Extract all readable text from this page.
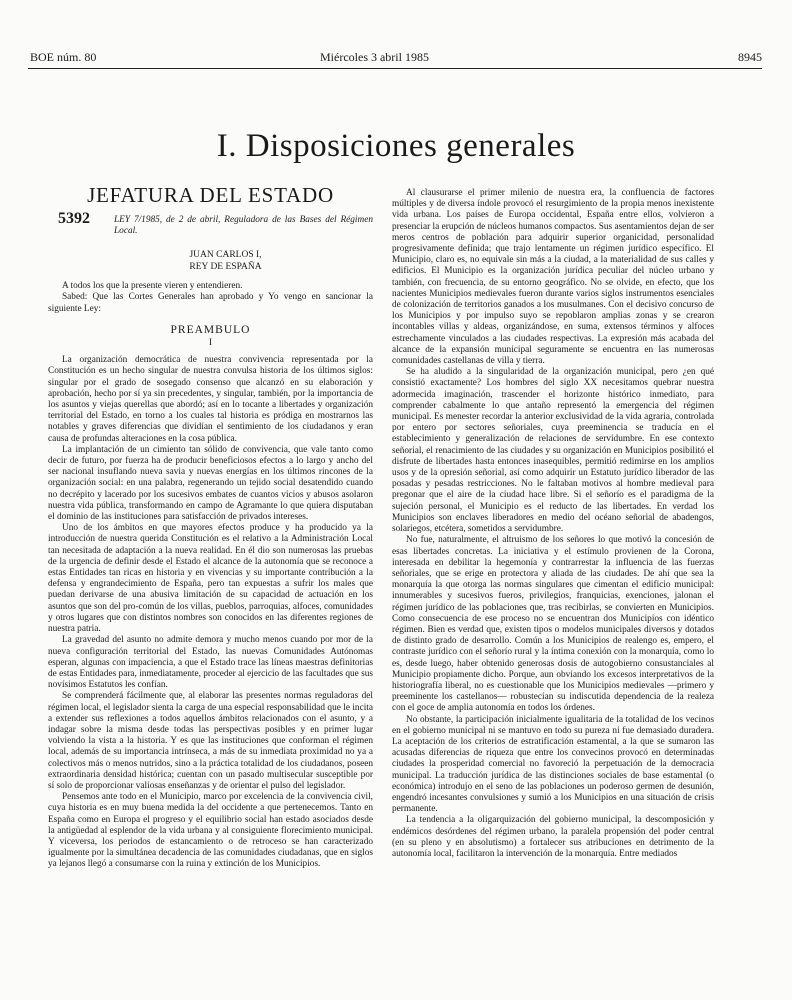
BOE núm. 80	Miércoles 3 abril 1985	8945
I. Disposiciones generales
JEFATURA DEL ESTADO
5392	LEY 7/1985, de 2 de abril, Reguladora de las Bases del Régimen Local.
JUAN CARLOS I,
REY DE ESPAÑA

A todos los que la presente vieren y entendieren.

Sabed: Que las Cortes Generales han aprobado y Yo vengo en sancionar la siguiente Ley:

PREAMBULO
I

La organización democrática de nuestra convivencia representada por la Constitución es un hecho singular de nuestra convulsa historia de los últimos siglos: singular por el grado de sosegado consenso que alcanzó en su elaboración y aprobación, hecho por sí ya sin precedentes, y singular, también, por la importancia de los asuntos y viejas querellas que abordó; así en lo tocante a libertades y organización territorial del Estado, en torno a los cuales tal historia es pródiga en mostrarnos las notables y graves diferencias que dividían el sentimiento de los ciudadanos y eran causa de profundas alteraciones en la cosa pública.

La implantación de un cimiento tan sólido de convivencia, que vale tanto como decir de futuro, por fuerza ha de producir beneficiosos efectos a lo largo y ancho del ser nacional insuflando nueva savia y nuevas energías en los últimos rincones de la organización social: en una palabra, regenerando un tejido social desatendido cuando no decrépito y lacerado por los sucesivos embates de cuantos vicios y abusos asolaron nuestra vida pública, transformando en campo de Agramante lo que quiera disputaban el dominio de las instituciones para satisfacción de privados intereses.

Uno de los ámbitos en que mayores efectos produce y ha producido ya la introducción de nuestra querida Constitución es el relativo a la Administración Local tan necesitada de adaptación a la nueva realidad. En él dio son numerosas las pruebas de la urgencia de definir desde el Estado el alcance de la autonomía que se reconoce a estas Entidades tan ricas en historia y en vivencias y su importante contribución a la defensa y engrandecimiento de España, pero tan expuestas a sufrir los males que puedan derivarse de una abusiva limitación de su capacidad de actuación en los asuntos que son del pro-común de los villas, pueblos, parroquias, alfoces, comunidades y otros lugares que con distintos nombres son conocidos en las diferentes regiones de nuestra patria.

La gravedad del asunto no admite demora y mucho menos cuando por mor de la nueva configuración territorial del Estado, las nuevas Comunidades Autónomas esperan, algunas con impaciencia, a que el Estado trace las líneas maestras definitorias de estas Entidades para, inmediatamente, proceder al ejercicio de las facultades que sus novísimos Estatutos les confían.

Se comprenderá fácilmente que, al elaborar las presentes normas reguladoras del régimen local, el legislador sienta la carga de una especial responsabilidad que le incita a extender sus reflexiones a todos aquellos ámbitos relacionados con el asunto, y a indagar sobre la misma desde todas las perspectivas posibles y en primer lugar volviendo la vista a la historia. Y es que las instituciones que conforman el régimen local, además de su importancia intrínseca, a más de su inmediata proximidad no ya a colectivos más o menos nutridos, sino a la práctica totalidad de los ciudadanos, poseen extraordinaria densidad histórica; cuentan con un pasado multisecular susceptible por sí solo de proporcionar valiosas enseñanzas y de orientar el pulso del legislador.

Pensemos ante todo en el Municipio, marco por excelencia de la convivencia civil, cuya historia es en muy buena medida la del occidente a que pertenecemos. Tanto en España como en Europa el progreso y el equilibrio social han estado asociados desde la antigüedad al esplendor de la vida urbana y al consiguiente florecimiento municipal. Y viceversa, los periodos de estancamiento o de retroceso se han caracterizado igualmente por la simultánea decadencia de las comunidades ciudadanas, que en siglos ya lejanos llegó a consumarse con la ruina y extinción de los Municipios.

Al clausurarse el primer milenio de nuestra era, la confluencia de factores múltiples y de diversa índole provocó el resurgimiento de la propia menos inexistente vida urbana. Los países de Europa occidental, España entre ellos, volvieron a presenciar la erupción de núcleos humanos compactos. Sus asentamientos dejan de ser meros centros de población para adquirir superior organicidad, personalidad progresivamente definida; que trajo lentamente un régimen jurídico específico. El Municipio, claro es, no equivale sin más a la ciudad, a la materialidad de sus calles y edificios. El Municipio es la organización jurídica peculiar del núcleo urbano y también, con frecuencia, de su entorno geográfico. No se olvide, en efecto, que los nacientes Municipios medievales fueron durante varios siglos instrumentos esenciales de colonización de territorios ganados a los musulmanes. Con el decisivo concurso de los Municipios y por impulso suyo se repoblaron amplias zonas y se crearon incontables villas y aldeas, organizándose, en suma, extensos términos y alfoces estrechamente vinculados a las ciudades respectivas. La expresión más acabada del alcance de la expansión municipal seguramente se encuentra en las numerosas comunidades castellanas de villa y tierra.

Se ha aludido a la singularidad de la organización municipal, pero ¿en qué consistió exactamente? Los hombres del siglo XX necesitamos quebrar nuestra adormecida imaginación, trascender el horizonte histórico inmediato, para comprender cabalmente lo que antaño representó la emergencia del régimen municipal. Es menester recordar la anterior exclusividad de la vida agraria, controlada por entero por sectores señoriales, cuya preeminencia se traducía en el establecimiento y generalización de relaciones de servidumbre. En ese contexto señorial, el renacimiento de las ciudades y su organización en Municipios posibilitó el disfrute de libertades hasta entonces inasequibles, permitió redimirse en los amplios usos y de la opresión señorial, así como adquirir un Estatuto jurídico liberador de las posadas y pesadas restricciones. No le faltaban motivos al hombre medieval para pregonar que el aire de la ciudad hace libre. Si el señorío es el paradigma de la sujeción personal, el Municipio es el reducto de las libertades. En verdad los Municipios son enclaves liberadores en medio del océano señorial de abadengos, solariegos, etcétera, sometidos a servidumbre.

No fue, naturalmente, el altruismo de los señores lo que motivó la concesión de esas libertades concretas. La iniciativa y el estímulo provienen de la Corona, interesada en debilitar la hegemonía y contrarrestar la influencia de las fuerzas señoriales, que se erige en protectora y aliada de las ciudades. De ahí que sea la monarquía la que otorga las normas singulares que cimentan el edificio municipal: innumerables y sucesivos fueros, privilegios, franquicias, exenciones, jalonan el régimen jurídico de las poblaciones que, tras recibirlas, se convierten en Municipios. Como consecuencia de ese proceso no se encuentran dos Municipios con idéntico régimen. Bien es verdad que, existen tipos o modelos municipales diversos y dotados de distinto grado de desarrollo. Común a los Municipios de realengo es, empero, el contraste jurídico con el señorío rural y la íntima conexión con la monarquía, como lo es, desde luego, haber obtenido generosas dosis de autogobierno consustanciales al Municipio propiamente dicho. Porque, aun obviando los excesos interpretativos de la historiografía liberal, no es cuestionable que los Municipios medievales —primero y preeminente los castellanos— robustecían su indiscutida dependencia de la realeza con el goce de amplia autonomía en todos los órdenes.

No obstante, la participación inicialmente igualitaria de la totalidad de los vecinos en el gobierno municipal ni se mantuvo en todo su pureza ni fue demasiado duradera. La aceptación de los criterios de estratificación estamental, a la que se sumaron las acusadas diferencias de riqueza que entre los convecinos provocó en determinadas ciudades la prosperidad comercial no favoreció la perpetuación de la democracia municipal. La traducción jurídica de las distinciones sociales de base estamental (o económica) introdujo en el seno de las poblaciones un poderoso germen de desunión, engendró incesantes convulsiones y sumió a los Municipios en una situación de crisis permanente.

La tendencia a la oligarquización del gobierno municipal, la descomposición y endémicos desórdenes del régimen urbano, la paralela propensión del poder central (en su pleno y en absolutismo) a fortalecer sus atribuciones en detrimento de la autonomía local, facilitaron la intervención de la monarquía. Entre mediados
